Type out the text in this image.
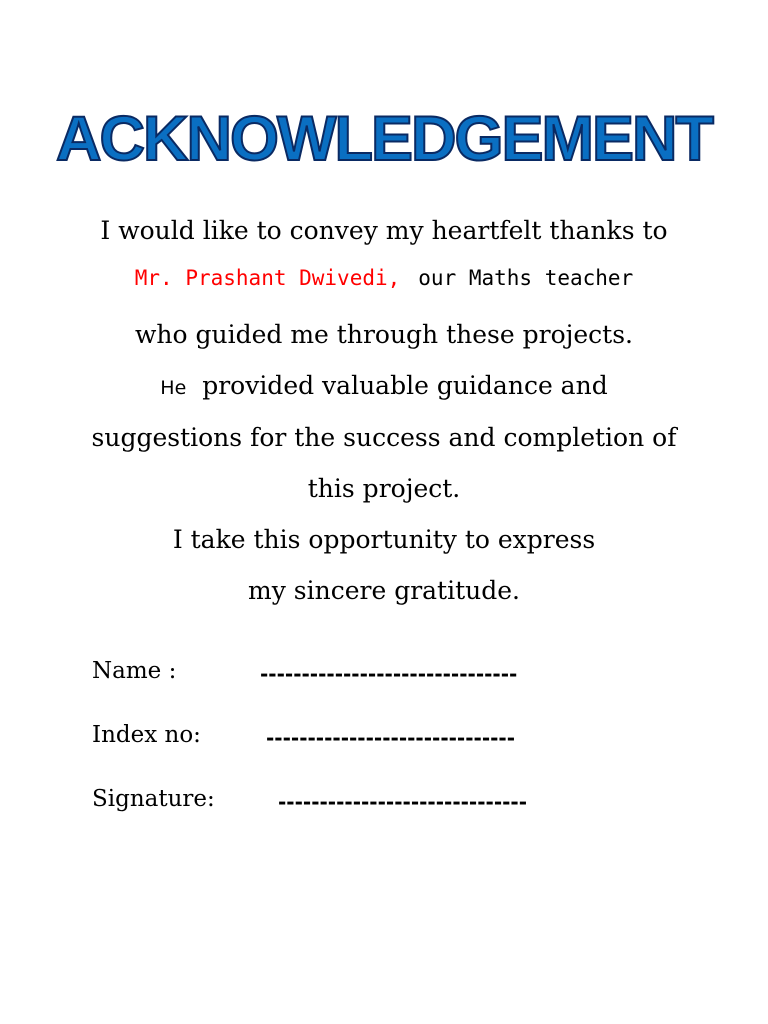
ACKNOWLEDGEMENT
I would like to convey my heartfelt thanks to
Mr. Prashant Dwivedi, our Maths teacher
who guided me through these projects.
He provided valuable guidance and
suggestions for the success and completion of
this project.
I take this opportunity to express
my sincere gratitude.
Name :	-------------------------------
Index no:	------------------------------
Signature:	------------------------------
